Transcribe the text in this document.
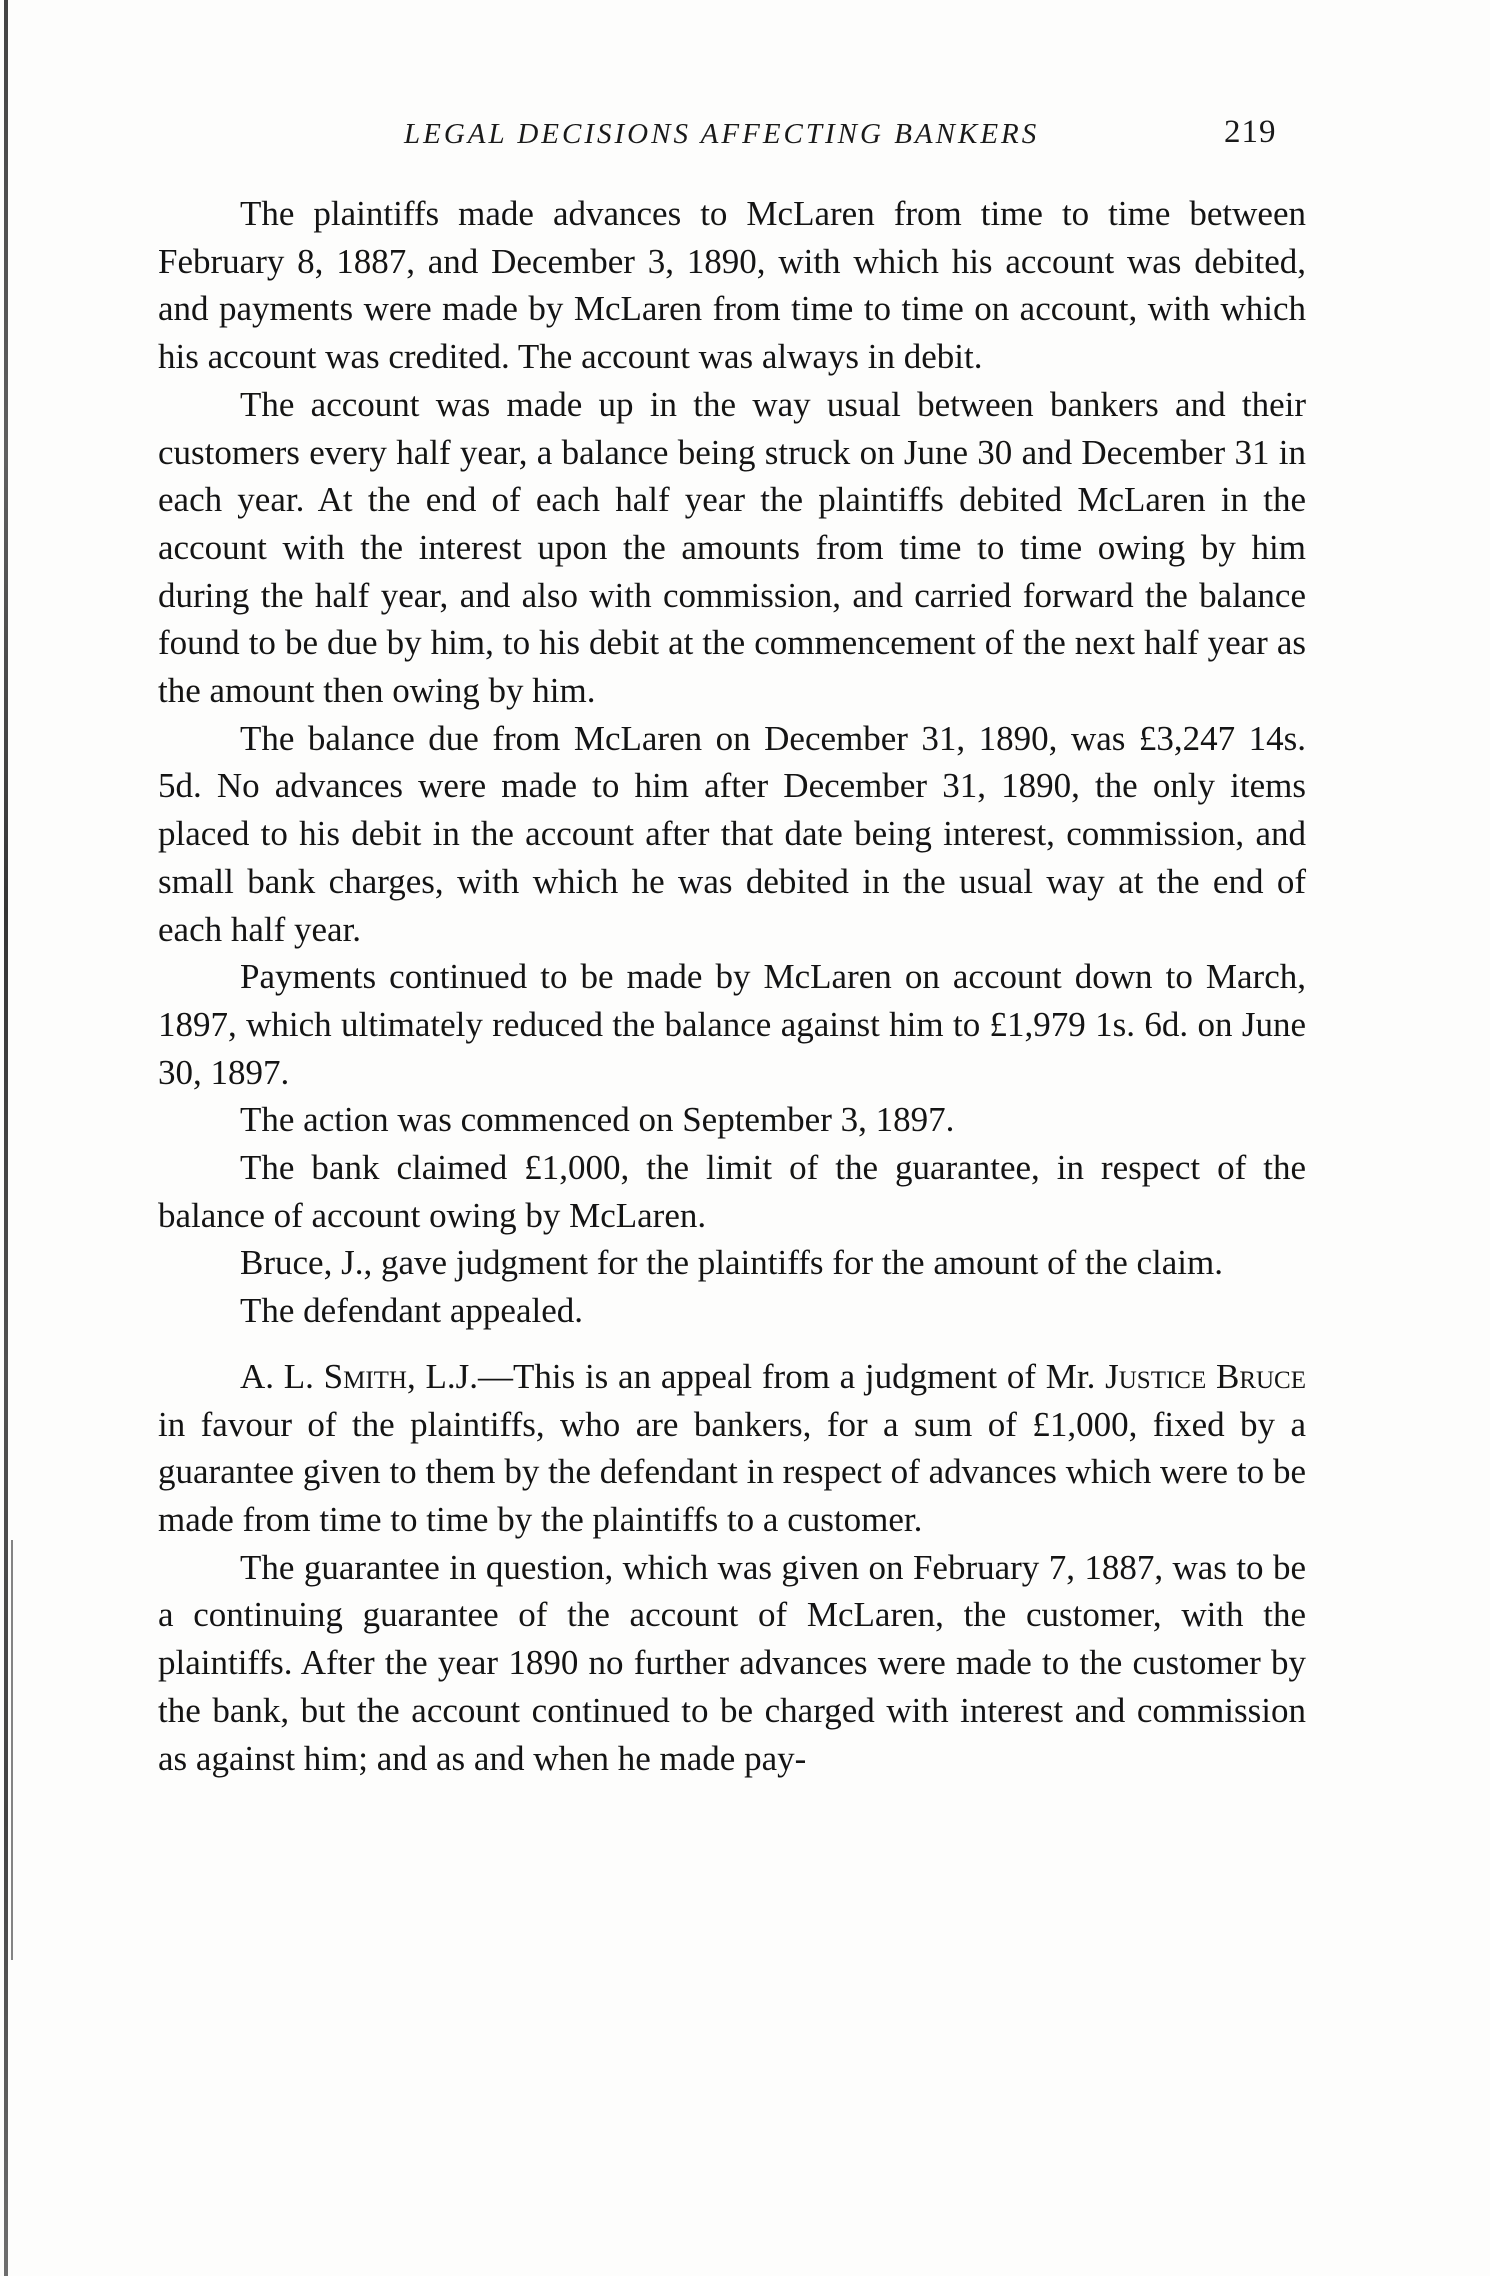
LEGAL DECISIONS AFFECTING BANKERS	219

The plaintiffs made advances to McLaren from time to time between February 8, 1887, and December 3, 1890, with which his account was debited, and payments were made by McLaren from time to time on account, with which his account was credited. The account was always in debit.

The account was made up in the way usual between bankers and their customers every half year, a balance being struck on June 30 and December 31 in each year. At the end of each half year the plaintiffs debited McLaren in the account with the interest upon the amounts from time to time owing by him during the half year, and also with commission, and carried forward the balance found to be due by him, to his debit at the commencement of the next half year as the amount then owing by him.

The balance due from McLaren on December 31, 1890, was £3,247 14s. 5d. No advances were made to him after December 31, 1890, the only items placed to his debit in the account after that date being interest, commission, and small bank charges, with which he was debited in the usual way at the end of each half year.

Payments continued to be made by McLaren on account down to March, 1897, which ultimately reduced the balance against him to £1,979 1s. 6d. on June 30, 1897.

The action was commenced on September 3, 1897.

The bank claimed £1,000, the limit of the guarantee, in respect of the balance of account owing by McLaren.

Bruce, J., gave judgment for the plaintiffs for the amount of the claim.

The defendant appealed.

A. L. Smith, L.J.—This is an appeal from a judgment of Mr. Justice Bruce in favour of the plaintiffs, who are bankers, for a sum of £1,000, fixed by a guarantee given to them by the defendant in respect of advances which were to be made from time to time by the plaintiffs to a customer.

The guarantee in question, which was given on February 7, 1887, was to be a continuing guarantee of the account of McLaren, the customer, with the plaintiffs. After the year 1890 no further advances were made to the customer by the bank, but the account continued to be charged with interest and commission as against him; and as and when he made pay-
